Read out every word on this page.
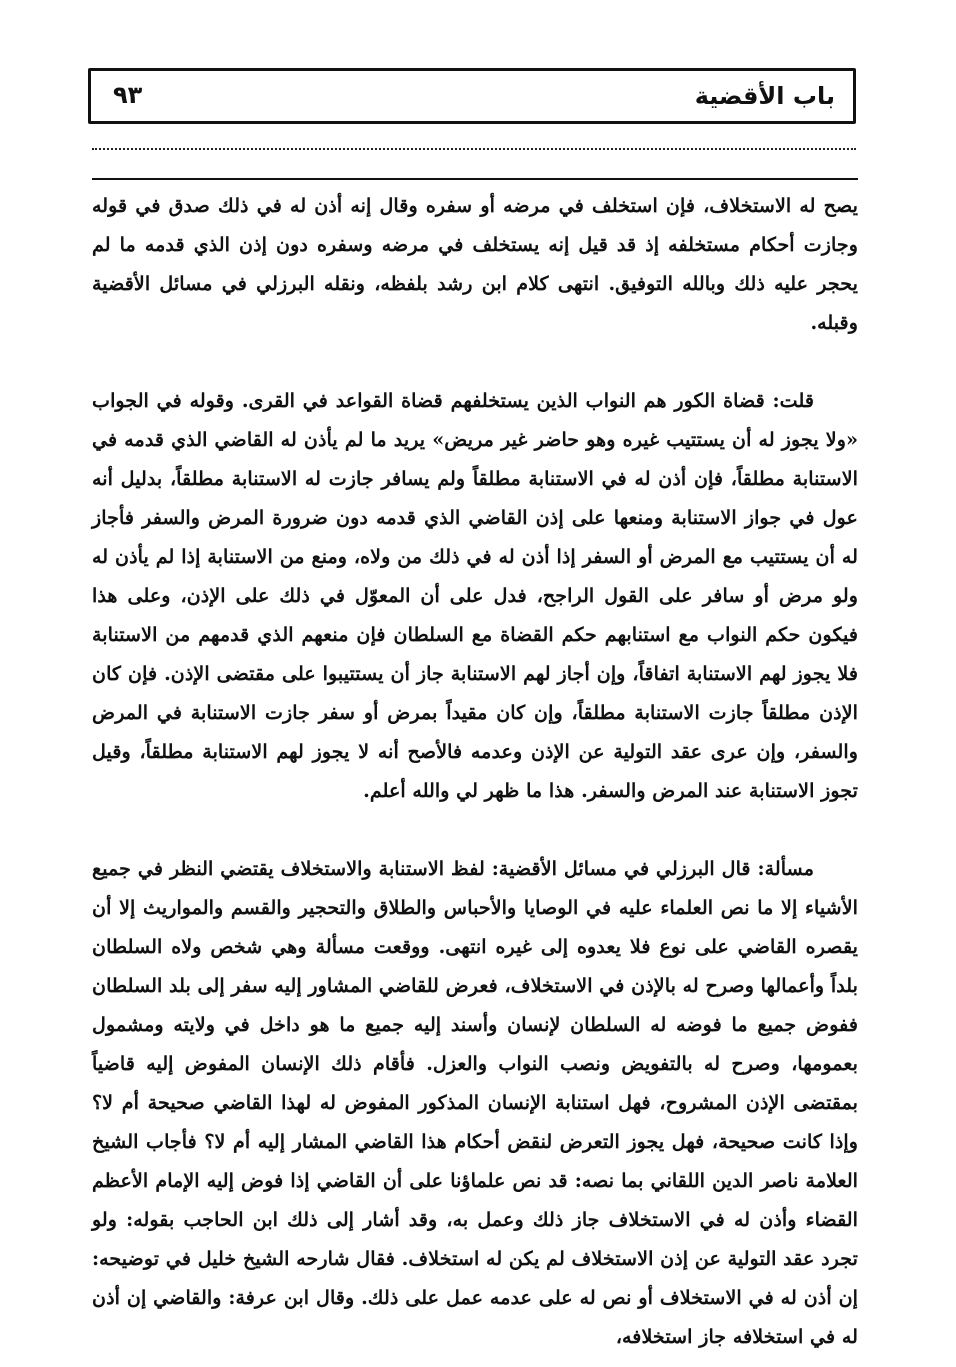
باب الأقضية
٩٣

يصح له الاستخلاف، فإن استخلف في مرضه أو سفره وقال إنه أذن له في ذلك صدق في قوله وجازت أحكام مستخلفه إذ قد قيل إنه يستخلف في مرضه وسفره دون إذن الذي قدمه ما لم يحجر عليه ذلك وبالله التوفيق. انتهى كلام ابن رشد بلفظه، ونقله البرزلي في مسائل الأقضية وقبله.

قلت: قضاة الكور هم النواب الذين يستخلفهم قضاة القواعد في القرى. وقوله في الجواب «ولا يجوز له أن يستتيب غيره وهو حاضر غير مريض» يريد ما لم يأذن له القاضي الذي قدمه في الاستنابة مطلقاً، فإن أذن له في الاستنابة مطلقاً ولم يسافر جازت له الاستنابة مطلقاً، بدليل أنه عول في جواز الاستنابة ومنعها على إذن القاضي الذي قدمه دون ضرورة المرض والسفر فأجاز له أن يستتيب مع المرض أو السفر إذا أذن له في ذلك من ولاه، ومنع من الاستنابة إذا لم يأذن له ولو مرض أو سافر على القول الراجح، فدل على أن المعوّل في ذلك على الإذن، وعلى هذا فيكون حكم النواب مع استنابهم حكم القضاة مع السلطان فإن منعهم الذي قدمهم من الاستنابة فلا يجوز لهم الاستنابة اتفاقاً، وإن أجاز لهم الاستنابة جاز أن يستتيبوا على مقتضى الإذن. فإن كان الإذن مطلقاً جازت الاستنابة مطلقاً، وإن كان مقيداً بمرض أو سفر جازت الاستنابة في المرض والسفر، وإن عرى عقد التولية عن الإذن وعدمه فالأصح أنه لا يجوز لهم الاستنابة مطلقاً، وقيل تجوز الاستنابة عند المرض والسفر. هذا ما ظهر لي والله أعلم.

مسألة: قال البرزلي في مسائل الأقضية: لفظ الاستنابة والاستخلاف يقتضي النظر في جميع الأشياء إلا ما نص العلماء عليه في الوصايا والأحباس والطلاق والتحجير والقسم والمواريث إلا أن يقصره القاضي على نوع فلا يعدوه إلى غيره انتهى. ووقعت مسألة وهي شخص ولاه السلطان بلداً وأعمالها وصرح له بالإذن في الاستخلاف، فعرض للقاضي المشاور إليه سفر إلى بلد السلطان ففوض جميع ما فوضه له السلطان لإنسان وأسند إليه جميع ما هو داخل في ولايته ومشمول بعمومها، وصرح له بالتفويض ونصب النواب والعزل. فأقام ذلك الإنسان المفوض إليه قاضياً بمقتضى الإذن المشروح، فهل استنابة الإنسان المذكور المفوض له لهذا القاضي صحيحة أم لا؟ وإذا كانت صحيحة، فهل يجوز التعرض لنقض أحكام هذا القاضي المشار إليه أم لا؟ فأجاب الشيخ العلامة ناصر الدين اللقاني بما نصه: قد نص علماؤنا على أن القاضي إذا فوض إليه الإمام الأعظم القضاء وأذن له في الاستخلاف جاز ذلك وعمل به، وقد أشار إلى ذلك ابن الحاجب بقوله: ولو تجرد عقد التولية عن إذن الاستخلاف لم يكن له استخلاف. فقال شارحه الشيخ خليل في توضيحه: إن أذن له في الاستخلاف أو نص له على عدمه عمل على ذلك. وقال ابن عرفة: والقاضي إن أذن له في استخلافه جاز استخلافه،
